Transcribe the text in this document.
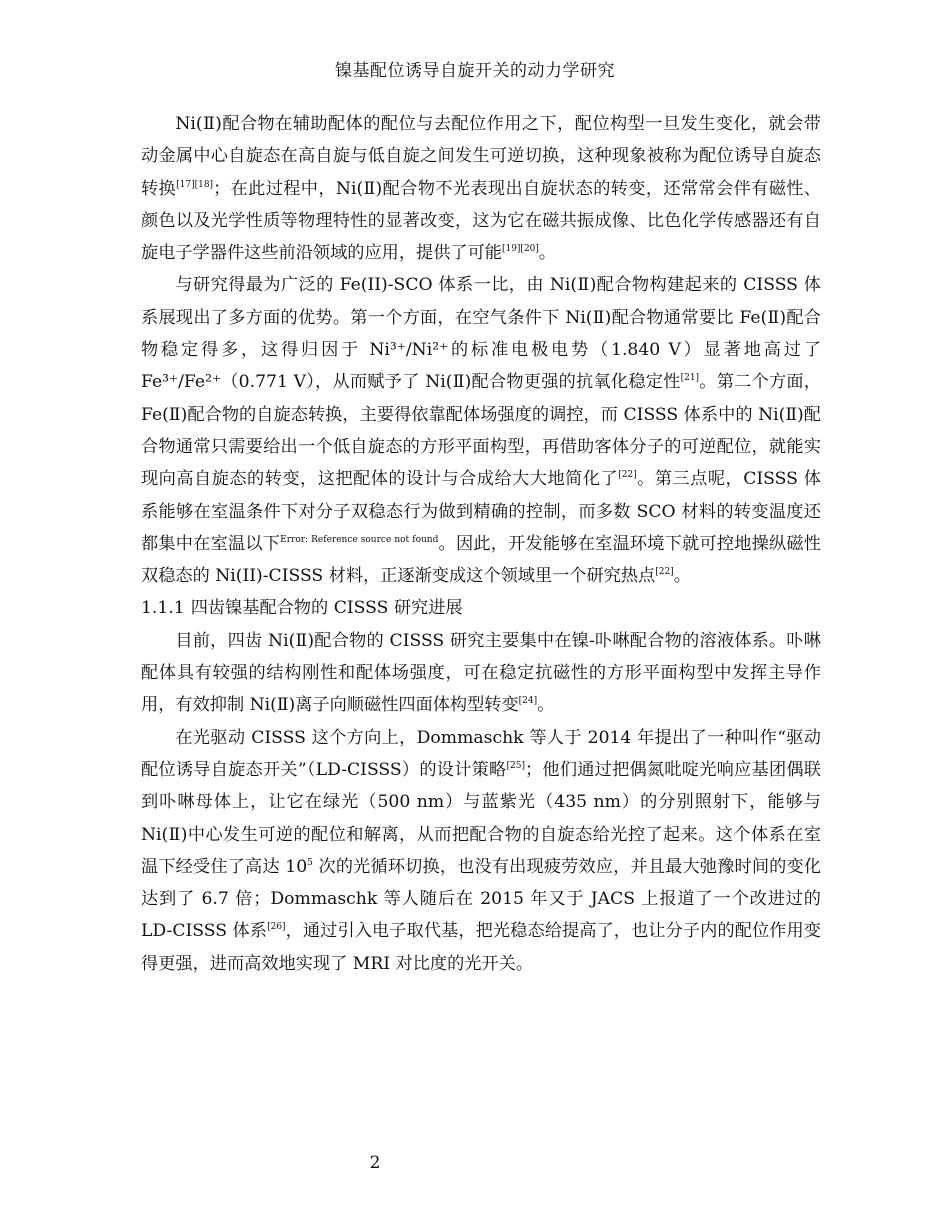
镍基配位诱导自旋开关的动力学研究

Ni(Ⅱ)配合物在辅助配体的配位与去配位作用之下，配位构型一旦发生变化，就会带动金属中心自旋态在高自旋与低自旋之间发生可逆切换，这种现象被称为配位诱导自旋态转换[17][18]；在此过程中，Ni(Ⅱ)配合物不光表现出自旋状态的转变，还常常会伴有磁性、颜色以及光学性质等物理特性的显著改变，这为它在磁共振成像、比色化学传感器还有自旋电子学器件这些前沿领域的应用，提供了可能[19][20]。

与研究得最为广泛的 Fe(II)-SCO 体系一比，由 Ni(Ⅱ)配合物构建起来的 CISSS 体系展现出了多方面的优势。第一个方面，在空气条件下 Ni(Ⅱ)配合物通常要比 Fe(Ⅱ)配合物稳定得多，这得归因于 Ni³⁺/Ni²⁺的标准电极电势（1.840 V）显著地高过了 Fe³⁺/Fe²⁺（0.771 V），从而赋予了 Ni(Ⅱ)配合物更强的抗氧化稳定性[21]。第二个方面，Fe(Ⅱ)配合物的自旋态转换，主要得依靠配体场强度的调控，而 CISSS 体系中的 Ni(Ⅱ)配合物通常只需要给出一个低自旋态的方形平面构型，再借助客体分子的可逆配位，就能实现向高自旋态的转变，这把配体的设计与合成给大大地简化了[22]。第三点呢，CISSS 体系能够在室温条件下对分子双稳态行为做到精确的控制，而多数 SCO 材料的转变温度还都集中在室温以下$^{Error: Reference source not found}$。因此，开发能够在室温环境下就可控地操纵磁性双稳态的 Ni(II)-CISSS 材料，正逐渐变成这个领域里一个研究热点[22]。

1.1.1 四齿镍基配合物的 CISSS 研究进展

目前，四齿 Ni(Ⅱ)配合物的 CISSS 研究主要集中在镍-卟啉配合物的溶液体系。卟啉配体具有较强的结构刚性和配体场强度，可在稳定抗磁性的方形平面构型中发挥主导作用，有效抑制 Ni(Ⅱ)离子向顺磁性四面体构型转变[24]。

在光驱动 CISSS 这个方向上，Dommaschk 等人于 2014 年提出了一种叫作“驱动配位诱导自旋态开关”（LD-CISSS）的设计策略[25]；他们通过把偶氮吡啶光响应基团偶联到卟啉母体上，让它在绿光（500 nm）与蓝紫光（435 nm）的分别照射下，能够与 Ni(Ⅱ)中心发生可逆的配位和解离，从而把配合物的自旋态给光控了起来。这个体系在室温下经受住了高达 $10^5$ 次的光循环切换，也没有出现疲劳效应，并且最大弛豫时间的变化达到了 6.7 倍；Dommaschk 等人随后在 2015 年又于 JACS 上报道了一个改进过的 LD-CISSS 体系[26]，通过引入电子取代基，把光稳态给提高了，也让分子内的配位作用变得更强，进而高效地实现了 MRI 对比度的光开关。

2
